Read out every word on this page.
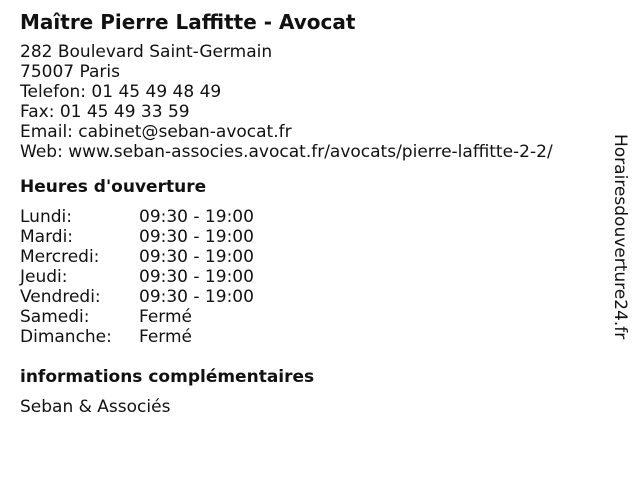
Maître Pierre Laffitte - Avocat
282 Boulevard Saint-Germain
75007 Paris
Telefon: 01 45 49 48 49
Fax: 01 45 49 33 59
Email: cabinet@seban-avocat.fr
Web: www.seban-associes.avocat.fr/avocats/pierre-laffitte-2-2/
Heures d'ouverture
Lundi:	09:30 - 19:00
Mardi:	09:30 - 19:00
Mercredi:	09:30 - 19:00
Jeudi:	09:30 - 19:00
Vendredi:	09:30 - 19:00
Samedi:	Fermé
Dimanche:	Fermé
informations complémentaires
Seban & Associés
Horairesdouverture24.fr
